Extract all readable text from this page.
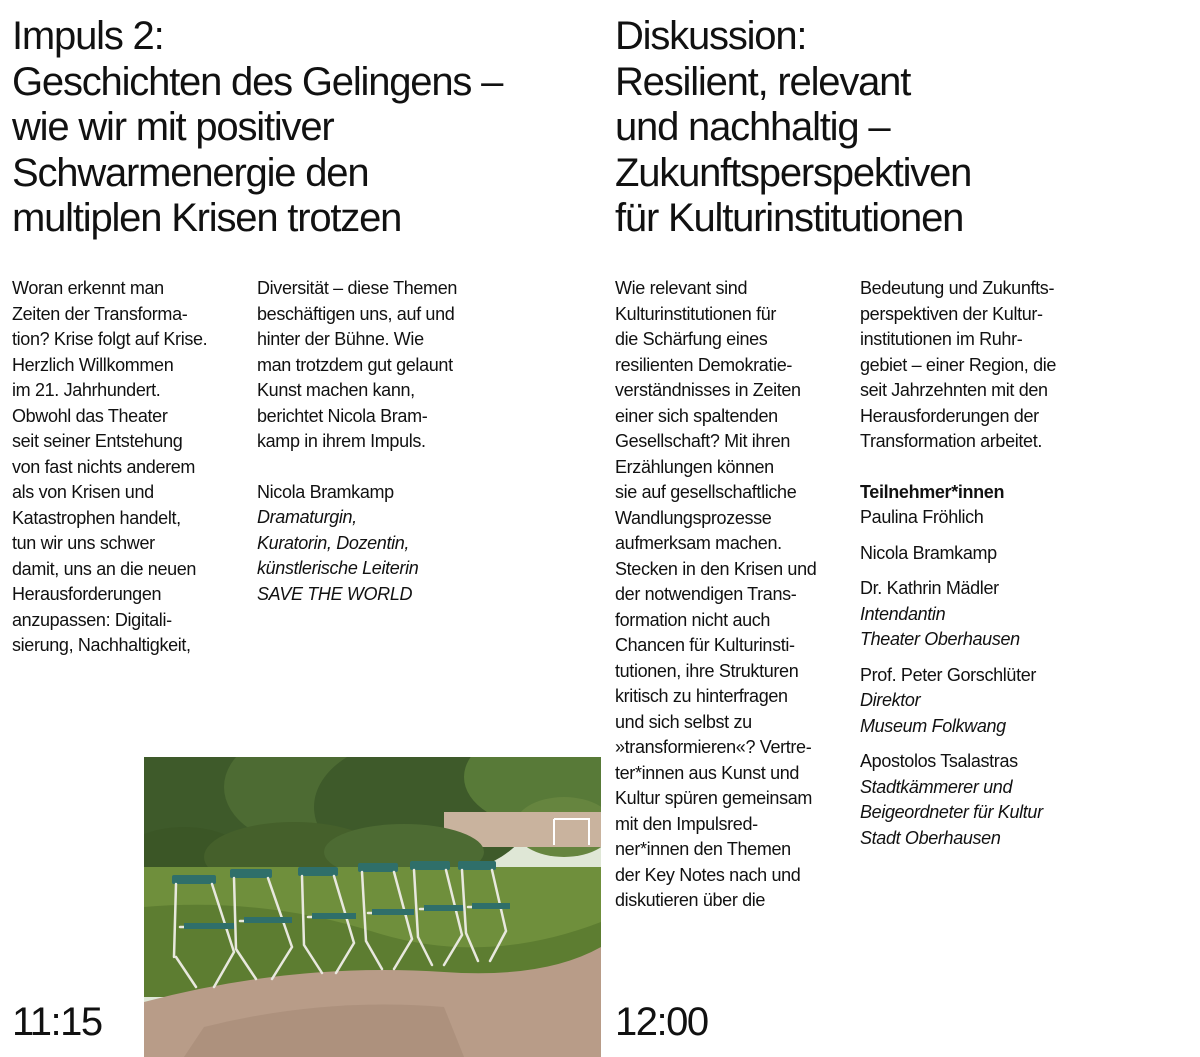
Impuls 2:
Geschichten des Gelingens –
wie wir mit positiver
Schwarmenergie den
multiplen Krisen trotzen
Diskussion:
Resilient, relevant
und nachhaltig –
Zukunftsperspektiven
für Kulturinstitutionen
Woran erkennt man
Zeiten der Transforma-
tion? Krise folgt auf Krise.
Herzlich Willkommen
im 21. Jahrhundert.
Obwohl das Theater
seit seiner Entstehung
von fast nichts anderem
als von Krisen und
Katastrophen handelt,
tun wir uns schwer
damit, uns an die neuen
Herausforderungen
anzupassen: Digitali-
sierung, Nachhaltigkeit,
Diversität – diese Themen
beschäftigen uns, auf und
hinter der Bühne. Wie
man trotzdem gut gelaunt
Kunst machen kann,
berichtet Nicola Bram-
kamp in ihrem Impuls.
Nicola Bramkamp
Dramaturgin,
Kuratorin, Dozentin,
künstlerische Leiterin
SAVE THE WORLD
Wie relevant sind
Kulturinstitutionen für
die Schärfung eines
resilienten Demokratie-
verständnisses in Zeiten
einer sich spaltenden
Gesellschaft? Mit ihren
Erzählungen können
sie auf gesellschaftliche
Wandlungsprozesse
aufmerksam machen.
Stecken in den Krisen und
der notwendigen Trans-
formation nicht auch
Chancen für Kulturinsti-
tutionen, ihre Strukturen
kritisch zu hinterfragen
und sich selbst zu
»transformieren«? Vertre-
ter*innen aus Kunst und
Kultur spüren gemeinsam
mit den Impulsred-
ner*innen den Themen
der Key Notes nach und
diskutieren über die
Bedeutung und Zukunfts-
perspektiven der Kultur-
institutionen im Ruhr-
gebiet – einer Region, die
seit Jahrzehnten mit den
Herausforderungen der
Transformation arbeitet.
Teilnehmer*innen
Paulina Fröhlich
Nicola Bramkamp
Dr. Kathrin Mädler
Intendantin
Theater Oberhausen
Prof. Peter Gorschlüter
Direktor
Museum Folkwang
Apostolos Tsalastras
Stadtkämmerer und
Beigeordneter für Kultur
Stadt Oberhausen
11:15	12:00
